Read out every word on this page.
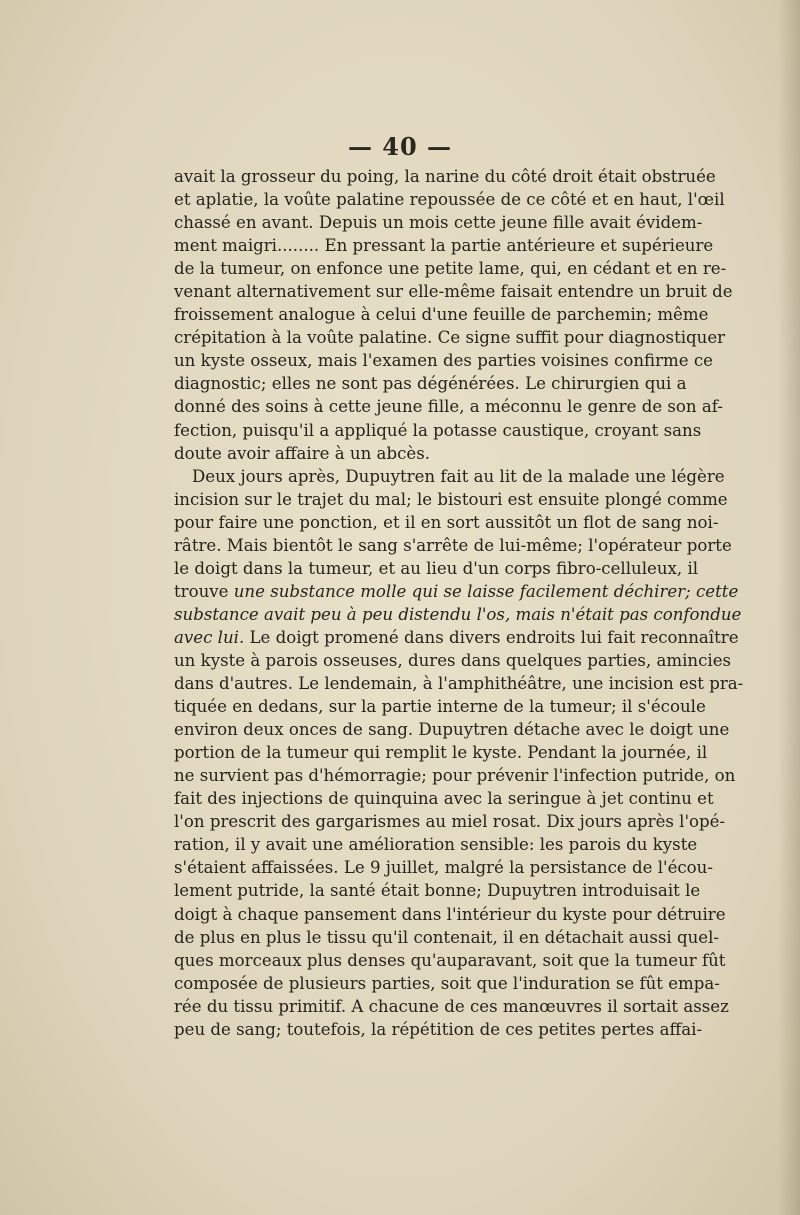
— 40 —
avait la grosseur du poing, la narine du côté droit était obstruée
et aplatie, la voûte palatine repoussée de ce côté et en haut, l'œil
chassé en avant. Depuis un mois cette jeune fille avait évidem-
ment maigri........ En pressant la partie antérieure et supérieure
de la tumeur, on enfonce une petite lame, qui, en cédant et en re-
venant alternativement sur elle-même faisait entendre un bruit de
froissement analogue à celui d'une feuille de parchemin; même
crépitation à la voûte palatine. Ce signe suffit pour diagnostiquer
un kyste osseux, mais l'examen des parties voisines confirme ce
diagnostic; elles ne sont pas dégénérées. Le chirurgien qui a
donné des soins à cette jeune fille, a méconnu le genre de son af-
fection, puisqu'il a appliqué la potasse caustique, croyant sans
doute avoir affaire à un abcès.
Deux jours après, Dupuytren fait au lit de la malade une légère
incision sur le trajet du mal; le bistouri est ensuite plongé comme
pour faire une ponction, et il en sort aussitôt un flot de sang noi-
râtre. Mais bientôt le sang s'arrête de lui-même; l'opérateur porte
le doigt dans la tumeur, et au lieu d'un corps fibro-celluleux, il
trouve une substance molle qui se laisse facilement déchirer; cette
substance avait peu à peu distendu l'os, mais n'était pas confondue
avec lui. Le doigt promené dans divers endroits lui fait reconnaître
un kyste à parois osseuses, dures dans quelques parties, amincies
dans d'autres. Le lendemain, à l'amphithéâtre, une incision est pra-
tiquée en dedans, sur la partie interne de la tumeur; il s'écoule
environ deux onces de sang. Dupuytren détache avec le doigt une
portion de la tumeur qui remplit le kyste. Pendant la journée, il
ne survient pas d'hémorragie; pour prévenir l'infection putride, on
fait des injections de quinquina avec la seringue à jet continu et
l'on prescrit des gargarismes au miel rosat. Dix jours après l'opé-
ration, il y avait une amélioration sensible: les parois du kyste
s'étaient affaissées. Le 9 juillet, malgré la persistance de l'écou-
lement putride, la santé était bonne; Dupuytren introduisait le
doigt à chaque pansement dans l'intérieur du kyste pour détruire
de plus en plus le tissu qu'il contenait, il en détachait aussi quel-
ques morceaux plus denses qu'auparavant, soit que la tumeur fût
composée de plusieurs parties, soit que l'induration se fût empa-
rée du tissu primitif. A chacune de ces manœuvres il sortait assez
peu de sang; toutefois, la répétition de ces petites pertes affai-
